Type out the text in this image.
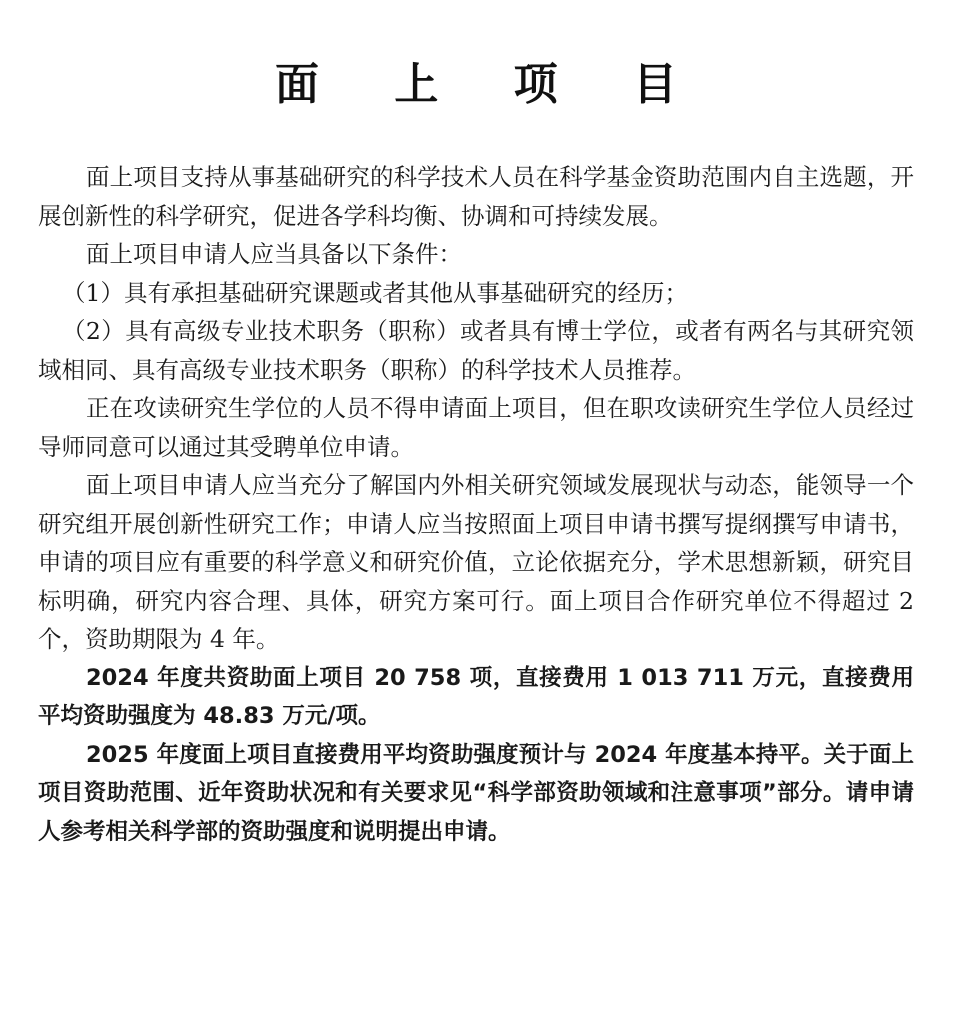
面 上 项 目

面上项目支持从事基础研究的科学技术人员在科学基金资助范围内自主选题，开展创新性的科学研究，促进各学科均衡、协调和可持续发展。

面上项目申请人应当具备以下条件：

（1）具有承担基础研究课题或者其他从事基础研究的经历；

（2）具有高级专业技术职务（职称）或者具有博士学位，或者有两名与其研究领域相同、具有高级专业技术职务（职称）的科学技术人员推荐。

正在攻读研究生学位的人员不得申请面上项目，但在职攻读研究生学位人员经过导师同意可以通过其受聘单位申请。

面上项目申请人应当充分了解国内外相关研究领域发展现状与动态，能领导一个研究组开展创新性研究工作；申请人应当按照面上项目申请书撰写提纲撰写申请书，申请的项目应有重要的科学意义和研究价值，立论依据充分，学术思想新颖，研究目标明确，研究内容合理、具体，研究方案可行。面上项目合作研究单位不得超过 2 个，资助期限为 4 年。

2024 年度共资助面上项目 20 758 项，直接费用 1 013 711 万元，直接费用平均资助强度为 48.83 万元/项。

2025 年度面上项目直接费用平均资助强度预计与 2024 年度基本持平。关于面上项目资助范围、近年资助状况和有关要求见“科学部资助领域和注意事项”部分。请申请人参考相关科学部的资助强度和说明提出申请。
